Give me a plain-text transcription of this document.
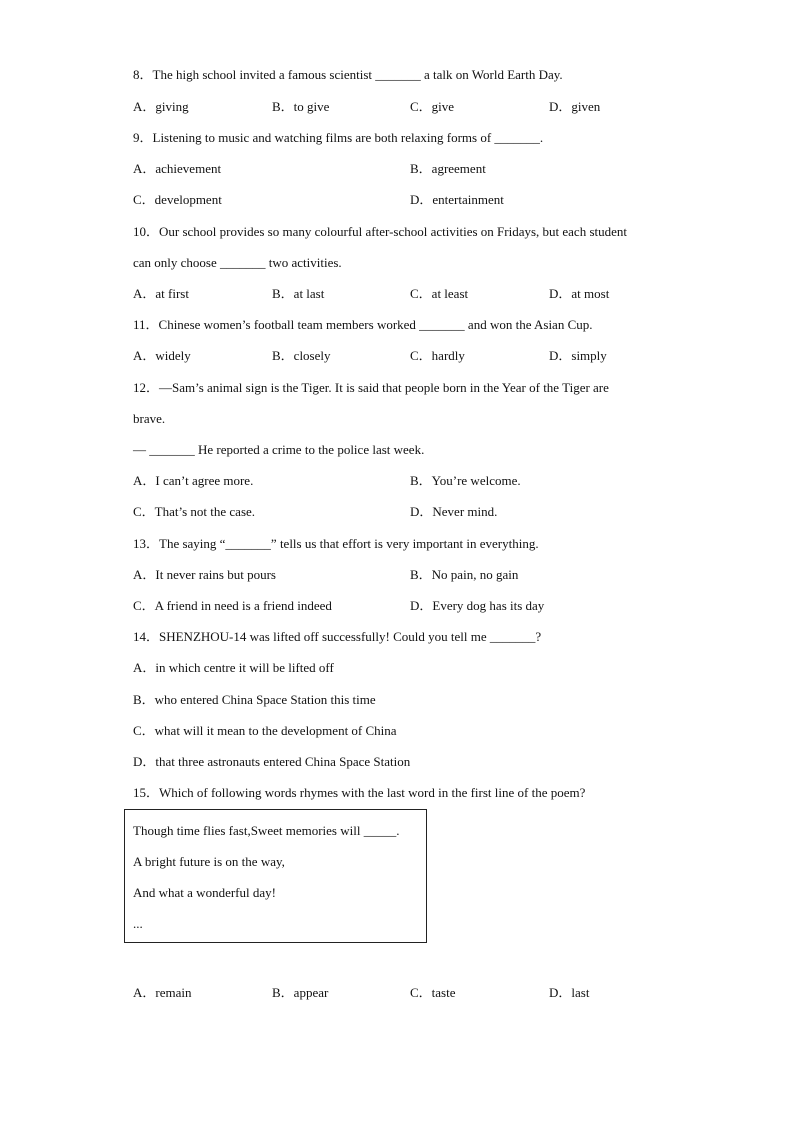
8．The high school invited a famous scientist _______ a talk on World Earth Day.
A．giving	B．to give	C．give	D．given
9．Listening to music and watching films are both relaxing forms of _______.
A．achievement	B．agreement
C．development	D．entertainment
10．Our school provides so many colourful after-school activities on Fridays, but each student
can only choose _______ two activities.
A．at first	B．at last	C．at least	D．at most
11．Chinese women’s football team members worked _______ and won the Asian Cup.
A．widely	B．closely	C．hardly	D．simply
12．—Sam’s animal sign is the Tiger. It is said that people born in the Year of the Tiger are
brave.
— _______ He reported a crime to the police last week.
A．I can’t agree more.	B．You’re welcome.
C．That’s not the case.	D．Never mind.
13．The saying “_______” tells us that effort is very important in everything.
A．It never rains but pours	B．No pain, no gain
C．A friend in need is a friend indeed	D．Every dog has its day
14．SHENZHOU-14 was lifted off successfully! Could you tell me _______?
A．in which centre it will be lifted off
B．who entered China Space Station this time
C．what will it mean to the development of China
D．that three astronauts entered China Space Station
15．Which of following words rhymes with the last word in the first line of the poem?
Though time flies fast,Sweet memories will _____.
A bright future is on the way,
And what a wonderful day!
...
A．remain	B．appear	C．taste	D．last
